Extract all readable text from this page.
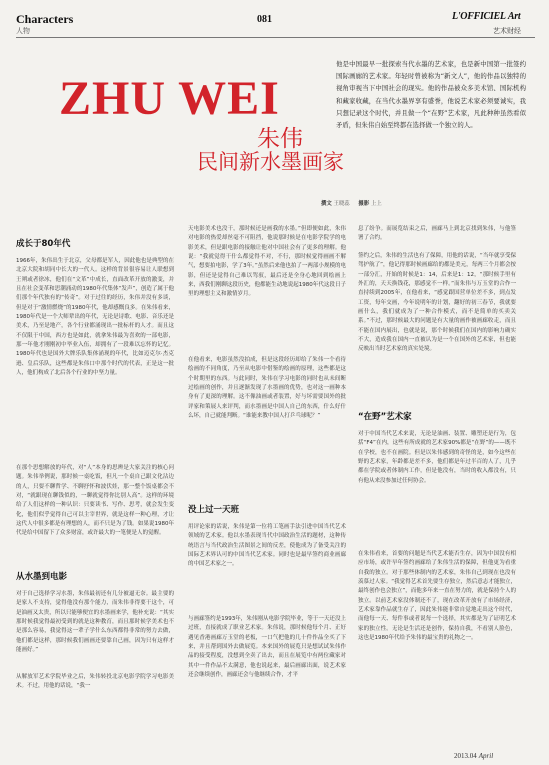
Characters
人物
081	L'OFFICIEL Art
艺术财经
ZHU WEI
朱伟
民间新水墨画家

他是中国最早一批探索当代水墨的艺术家，也是新中国第一批签约国际画廊的艺术家。年轻时曾被称为“新文人”，他的作品以独特的视角审视当下中国社会的现实。他的作品被众多美术馆、国际机构和藏家收藏，在当代水墨界享有盛誉，他说艺术家必须要诚实，我只想记录这个时代，并且做一个“在野”艺术家，凡此种种虽然看似矛盾，但朱伟自始至终都在选择做一个独立的人。

撰文 王晓蕊 摄影 上上
成长于80年代

1966年，朱伟出生于北京，父母都是军人，因此他也是典型的在北京大院和胡同中长大的一代人。这样的背景很容易让人联想到王朔或者徐冰，他们在“文革”中成长，直面改革开放的激变，并且在社会变革和思潮涌动的1980年代集体“发声”，创造了属于他们那个年代独有的“传奇”。对于过往的经历，朱伟并没有多谈，但是对于“激情燃烧”的1980年代，他却感慨良多。在朱伟看来，1980年代是一个大师辈出的年代，无论是诗歌、电影、音乐还是美术，乃至是地产，各个行业都涌现出一批标杆的人才。而且这不仅限于中国，西方也是如此，就拿朱伟最为喜欢的一部电影，那一年他才刚刚初中毕业入伍，却拥有了一段难以忘怀的记忆。1980年代也是国外大牌乐队集体涌现的年代，比如迈克尔·杰克逊、皇后乐队，这些都是朱伟口中那个时代的代表，正是这一批人，他们构成了北后各个行业的中坚力量。

在那个思想解放的年代，对“人”本身的思辨是大家关注的核心问题。朱伟举例说，那时候一桌吃饭，但凡一个桌自己跟文化沾边的人，只要不聊哲学、不聊抒怀和波伏娃，那一整个饭桌都会不对，“就跟现在聊钱似的，一聊就觉得你比别人高”。这样的环境给了人们这样的一种认识：只要读书、写作、思考，就会发生变化，他们似乎觉得自己可以主宰世界，就是这样一种心理，才让这代人中很多都是有理想的人，而不只是为了钱。如果说1980年代是给中国留下了众多财富，或许最大的一笔便是人的觉醒。

从水墨到电影

对于自己选择学习水墨，朱伟最初还有几分被逼无奈。最主要的是家人不支持，觉得他没有那个能力，而朱伟非得要干这个，可是油画又太贵，所以只能够便宜的水墨画来学，他补充说：“其实那时候我觉得最初受到的就是这种教育，而且那时候学美术也不是那么容易，我觉得这一辈子学什么东西都得非常的努力去做，他们都是这样，那时候我们画画还要靠自己画，因为只有这样才能画好。”

从解放军艺术学院毕业之后，朱伟转投北京电影学院学习电影美术。不过，用他的话说，“我一

天电影美术也没干，那时候还是画我的水墨。”但即便如此，朱伟对电影的热爱却丝毫不可阻挡，他说那时候是在电影学院学的电影美术，但是跟电影的接触让他对中国社会有了更多的理解。他说：“我就觉得干什么都觉得不对，不行，那时候觉得画画不解气，想要拍电影，学了3年。”虽然后来他也拍了一两部小规模的电影，但还是觉得自己难以驾驭，最后还是全身心地回到绘画上来，西我们刚聊这段历史，他都能生动地说起1980年代这段日子里的理想主义和激情岁月。

在他看来，电影虽然没拍成，但是这段经历却给了朱伟一个看待绘画的不同角度，乃至从电影中借鉴的绘画的原理，这些都是这个时期里的东西。与此同时，朱伟在学习电影的同时也从未间断过绘画的创作，并且逐渐发现了水墨画的优势，也对这一画种本身有了更深的理解。这不像油画或者装置，好与坏需要国外的批评家和策展人来评判，而水墨画是中国人自己的东西，什么好什么坏，自己就能判断。“谁能来教中国人打乒乓球呢？”

没上过一天班

用评论家的话说，朱伟是第一位将工笔画手法引进中国当代艺术领域的艺术家。他以水墨表现当代中国政治生活的题材，这种传统语言与当代政治生活图景之间的反差，使他成为了备受关注的国际艺术界认可的中国当代艺术家。同时也是最早签约商业画廊的中国艺术家之一。

与画廊签约是1993年，朱伟刚从电影学院毕业，等于一天还没上过班，直接就成了职业艺术家。朱伟说，那时候他每个月、正好遇见香港画廊万玉堂的老板，一口气把他的几十件作品全买了下来，并且帮到国外去做展览。本来国外的展览只是想试试朱伟作品的接受程度，没想到全卖了出去，而且在展览中有两位藏家对其中一件作品不太满意，他也说起来，最后画廊出面，说艺术家还会继续创作，画廊还会与他继续合作，才平

息了纷争。而展览结束之后，画廊马上到北京找到朱伟，与他签署了合约。

签约之后，朱伟的生活也有了保障，用他的话说，“当年就享受保驾护航了”，他记得那时候画廊给的都是美元，每两三个月都会按一部分汇，开始的时候是1：14，后来是1：12，“那时候手里有外汇的，天天换钱花，那感觉不一样。”而朱伟与万玉堂的合作一直持续到2005年，在他看来，“感觉跟国营单位差不多，到点发工资，每年交画，今年说明年的计划，翻好的初三春节，我就要画什么，我们就成为了一种合作模式，而不是简单的买卖关系。”不过，那时候最大的问题是有大量的画作被画廊收走，而且不能在国内展出，也就是说，那个时候我们在国内的影响力确实不大，造成我在国内一直被认为是一个在国外的艺术家，但也能反映出当时艺术家的真实处境。

“在野”艺术家

对于中国当代艺术来说，无论是油画、装置、雕塑还是行为，包括“F4”在内，这些有所成就的艺术家90%都是“在野”的——既不在学校，也不在画院。但是以朱伟感到的奇怪的是，如今这些在野的艺术家，年龄都是差不多，他们都是年过半百的人了，几乎都在学院或者体制内工作，但是他没有，当时的收入都没有，只有他从来没参加过任何协会。

在朱伟看来，首要的问题是当代艺术能否生存，因为中国没有相应市场，或许早年签约画廊给了朱伟生活的保障，但他更为看重自我的独立。对于那些体制内的艺术家，朱伟自己到现在也没有羡慕过人家。“我觉得艺术首先要生存独立，然后意志才能独立，最终创作也会独立”，而他多年来一直在努力的，就是保持个人的独立。以前艺术家没体制还不了，现在改革开放有了市场经济，艺术家靠作品就生存了，因此朱伟能非常自觉地走出这个时代，而他每一天、每件事或者说每一个选择，其实都是为了证明艺术家的独立性。无论是生活还是创作，保持自我，不看别人脸色，这也是1980年代给予朱伟的最宝贵的礼物之一。

2013.04 April
